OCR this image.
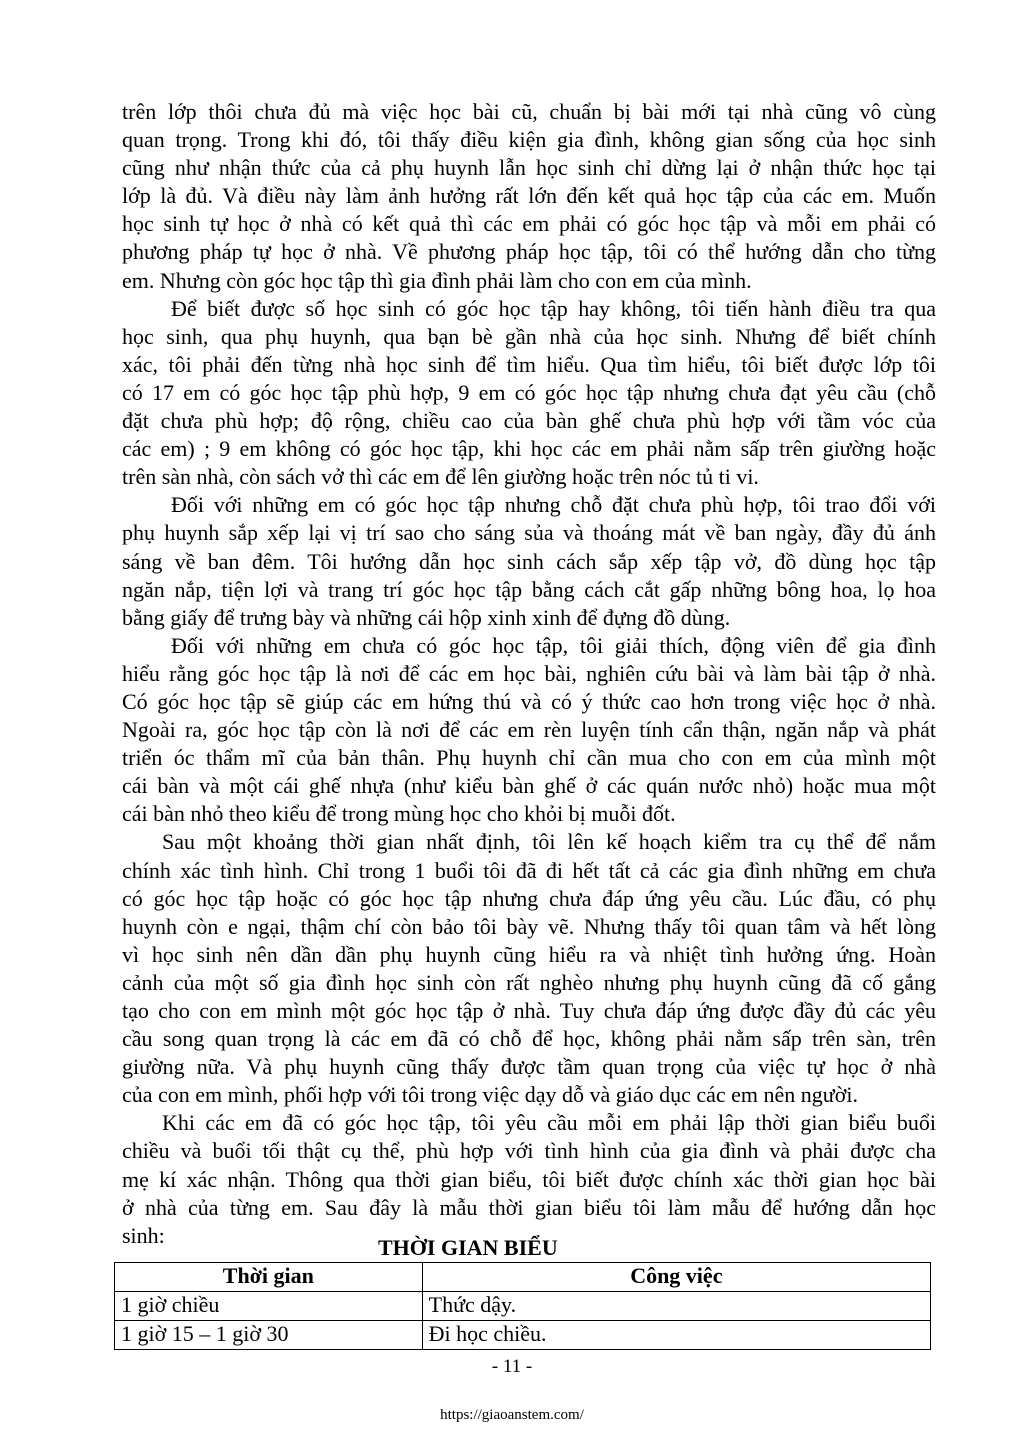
trên lớp thôi chưa đủ mà việc học bài cũ, chuẩn bị bài mới tại nhà cũng vô cùng
quan trọng. Trong khi đó, tôi thấy điều kiện gia đình, không gian sống của học sinh
cũng như nhận thức của cả phụ huynh lẫn học sinh chỉ dừng lại ở nhận thức học tại
lớp là đủ. Và điều này làm ảnh hưởng rất lớn đến kết quả học tập của các em. Muốn
học sinh tự học ở nhà có kết quả thì các em phải có góc học tập và mỗi em phải có
phương pháp tự học ở nhà. Về phương pháp học tập, tôi có thể hướng dẫn cho từng
em. Nhưng còn góc học tập thì gia đình phải làm cho con em của mình.
Để biết được số học sinh có góc học tập hay không, tôi tiến hành điều tra qua
học sinh, qua phụ huynh, qua bạn bè gần nhà của học sinh. Nhưng để biết chính
xác, tôi phải đến từng nhà học sinh để tìm hiểu. Qua tìm hiểu, tôi biết được lớp tôi
có 17 em có góc học tập phù hợp, 9 em có góc học tập nhưng chưa đạt yêu cầu (chỗ
đặt chưa phù hợp; độ rộng, chiều cao của bàn ghế chưa phù hợp với tầm vóc của
các em) ; 9 em không có góc học tập, khi học các em phải nằm sấp trên giường hoặc
trên sàn nhà, còn sách vở thì các em để lên giường hoặc trên nóc tủ ti vi.
Đối với những em có góc học tập nhưng chỗ đặt chưa phù hợp, tôi trao đổi với
phụ huynh sắp xếp lại vị trí sao cho sáng sủa và thoáng mát về ban ngày, đầy đủ ánh
sáng về ban đêm. Tôi hướng dẫn học sinh cách sắp xếp tập vở, đồ dùng học tập
ngăn nắp, tiện lợi và trang trí góc học tập bằng cách cắt gấp những bông hoa, lọ hoa
bằng giấy để trưng bày và những cái hộp xinh xinh để đựng đồ dùng.
Đối với những em chưa có góc học tập, tôi giải thích, động viên để gia đình
hiểu rằng góc học tập là nơi để các em học bài, nghiên cứu bài và làm bài tập ở nhà.
Có góc học tập sẽ giúp các em hứng thú và có ý thức cao hơn trong việc học ở nhà.
Ngoài ra, góc học tập còn là nơi để các em rèn luyện tính cẩn thận, ngăn nắp và phát
triển óc thẩm mĩ của bản thân. Phụ huynh chỉ cần mua cho con em của mình một
cái bàn và một cái ghế nhựa (như kiểu bàn ghế ở các quán nước nhỏ) hoặc mua một
cái bàn nhỏ theo kiểu để trong mùng học cho khỏi bị muỗi đốt.
Sau một khoảng thời gian nhất định, tôi lên kế hoạch kiểm tra cụ thể để nắm
chính xác tình hình. Chỉ trong 1 buổi tôi đã đi hết tất cả các gia đình những em chưa
có góc học tập hoặc có góc học tập nhưng chưa đáp ứng yêu cầu. Lúc đầu, có phụ
huynh còn e ngại, thậm chí còn bảo tôi bày vẽ. Nhưng thấy tôi quan tâm và hết lòng
vì học sinh nên dần dần phụ huynh cũng hiểu ra và nhiệt tình hưởng ứng. Hoàn
cảnh của một số gia đình học sinh còn rất nghèo nhưng phụ huynh cũng đã cố gắng
tạo cho con em mình một góc học tập ở nhà. Tuy chưa đáp ứng được đầy đủ các yêu
cầu song quan trọng là các em đã có chỗ để học, không phải nằm sấp trên sàn, trên
giường nữa. Và phụ huynh cũng thấy được tầm quan trọng của việc tự học ở nhà
của con em mình, phối hợp với tôi trong việc dạy dỗ và giáo dục các em nên người.
Khi các em đã có góc học tập, tôi yêu cầu mỗi em phải lập thời gian biểu buổi
chiều và buổi tối thật cụ thể, phù hợp với tình hình của gia đình và phải được cha
mẹ kí xác nhận. Thông qua thời gian biểu, tôi biết được chính xác thời gian học bài
ở nhà của từng em. Sau đây là mẫu thời gian biểu tôi làm mẫu để hướng dẫn học
sinh:	THỜI GIAN BIỂU
Thời gian	Công việc
1 giờ chiều	Thức dậy.
1 giờ 15 – 1 giờ 30	Đi học chiều.
- 11 -
https://giaoanstem.com/
